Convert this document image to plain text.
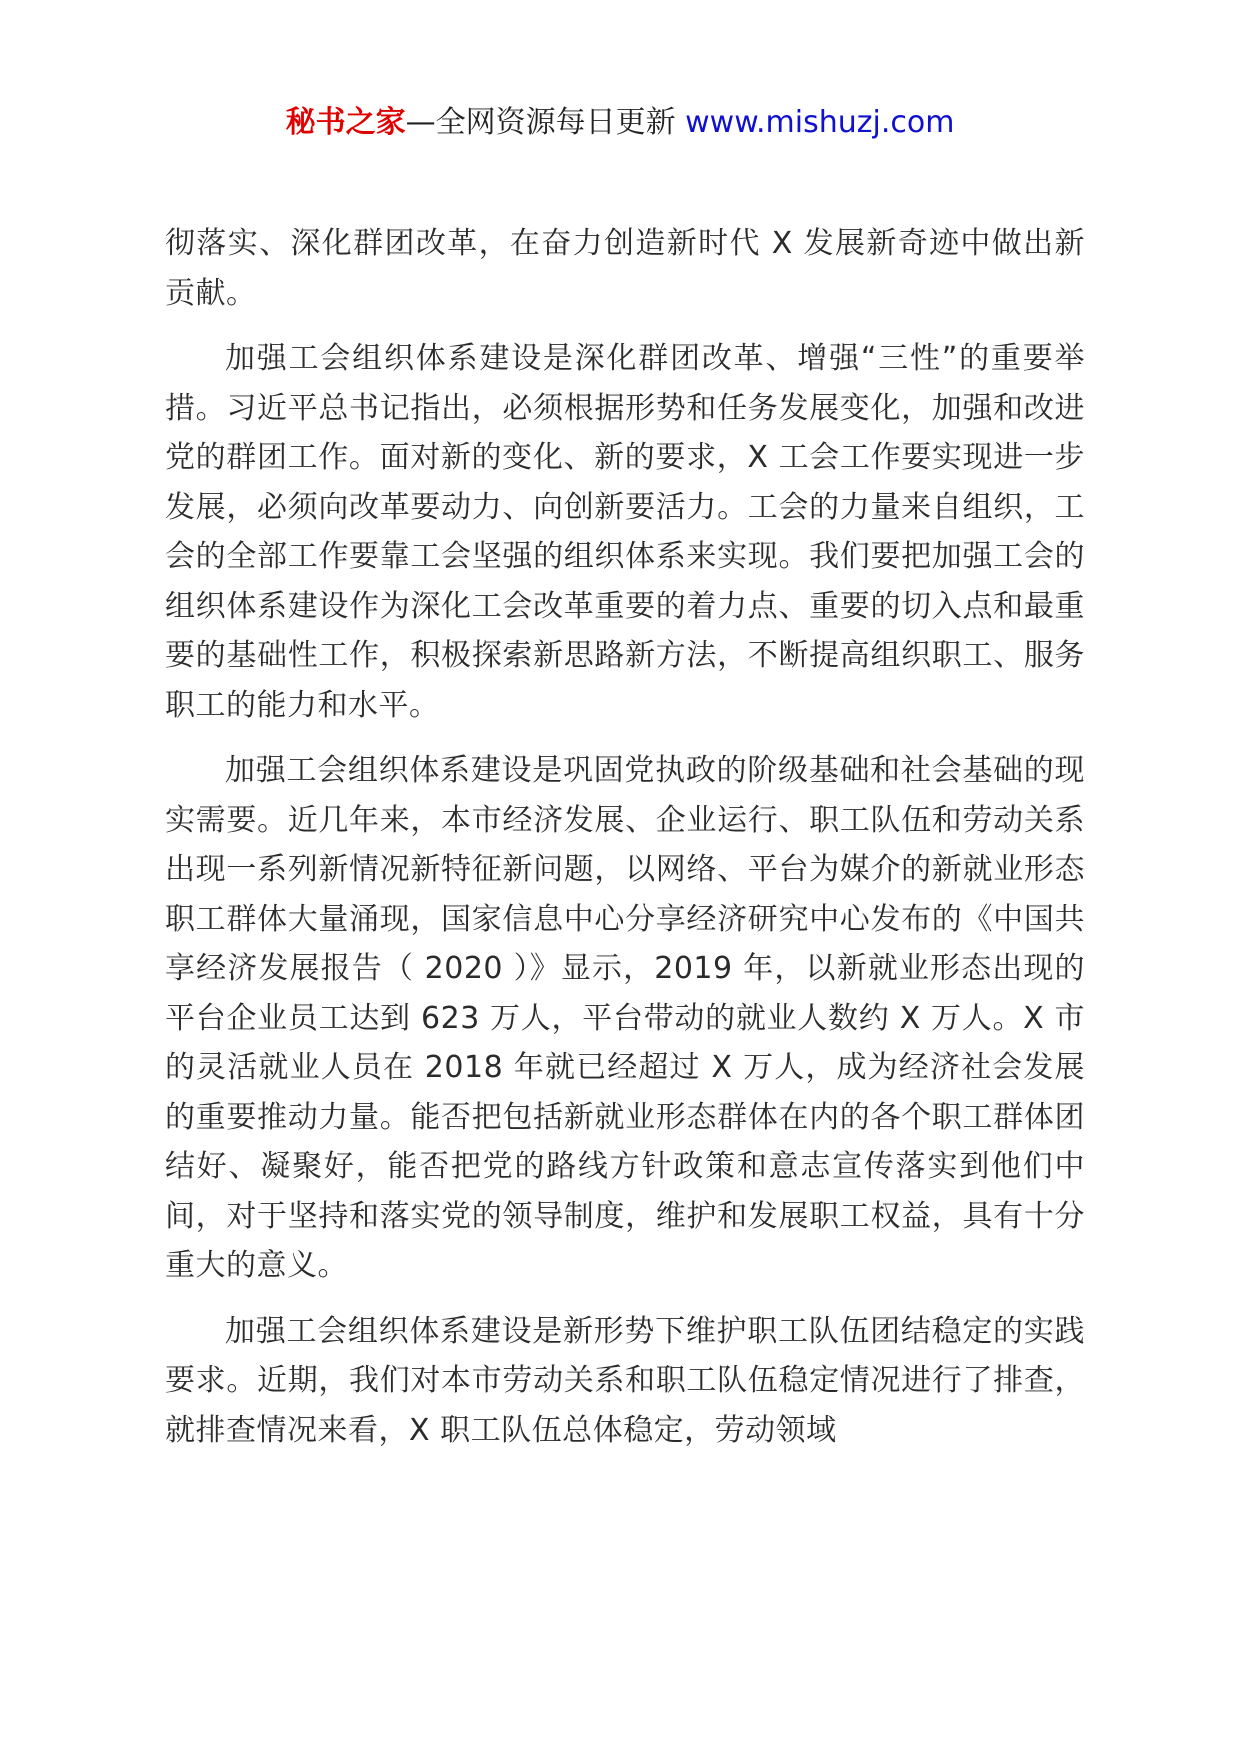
秘书之家—全网资源每日更新 www.mishuzj.com

彻落实、深化群团改革，在奋力创造新时代 X 发展新奇迹中做出新贡献。

加强工会组织体系建设是深化群团改革、增强“三性”的重要举措。习近平总书记指出，必须根据形势和任务发展变化，加强和改进党的群团工作。面对新的变化、新的要求，X 工会工作要实现进一步发展，必须向改革要动力、向创新要活力。工会的力量来自组织，工会的全部工作要靠工会坚强的组织体系来实现。我们要把加强工会的组织体系建设作为深化工会改革重要的着力点、重要的切入点和最重要的基础性工作，积极探索新思路新方法，不断提高组织职工、服务职工的能力和水平。

加强工会组织体系建设是巩固党执政的阶级基础和社会基础的现实需要。近几年来，本市经济发展、企业运行、职工队伍和劳动关系出现一系列新情况新特征新问题，以网络、平台为媒介的新就业形态职工群体大量涌现，国家信息中心分享经济研究中心发布的《中国共享经济发展报告（ 2020 ）》显示，2019 年，以新就业形态出现的平台企业员工达到 623 万人，平台带动的就业人数约 X 万人。X 市的灵活就业人员在 2018 年就已经超过 X 万人，成为经济社会发展的重要推动力量。能否把包括新就业形态群体在内的各个职工群体团结好、凝聚好，能否把党的路线方针政策和意志宣传落实到他们中间，对于坚持和落实党的领导制度，维护和发展职工权益，具有十分重大的意义。

加强工会组织体系建设是新形势下维护职工队伍团结稳定的实践要求。近期，我们对本市劳动关系和职工队伍稳定情况进行了排查，就排查情况来看，X 职工队伍总体稳定，劳动领域
